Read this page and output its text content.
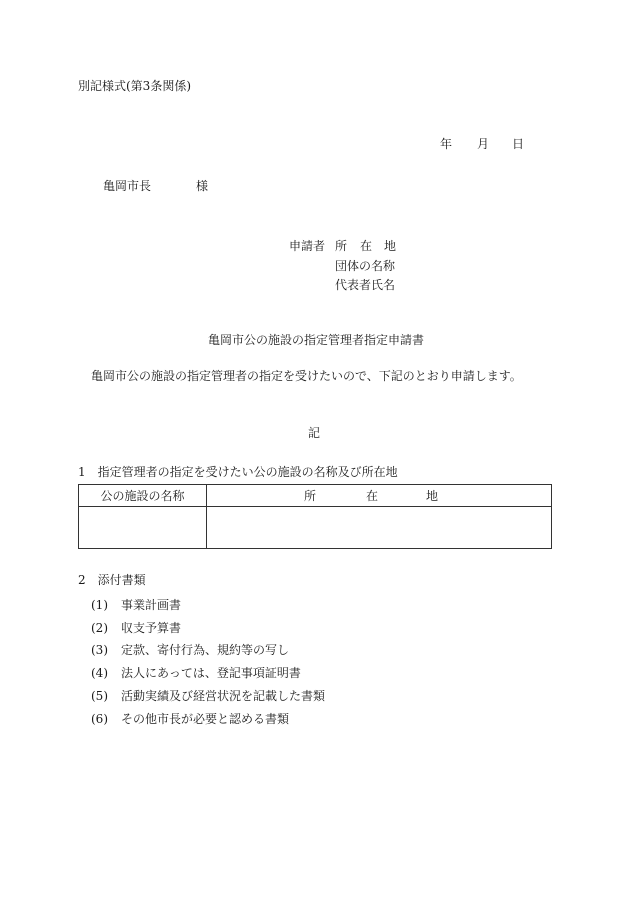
別記様式(第3条関係)
年 月 日
亀岡市長	様
申請者 所 在 地
団体の名称
代表者氏名
亀岡市公の施設の指定管理者指定申請書
亀岡市公の施設の指定管理者の指定を受けたいので、下記のとおり申請します。
記
1　指定管理者の指定を受けたい公の施設の名称及び所在地
公の施設の名称	所 在 地

2　添付書類
(1) 事業計画書
(2) 収支予算書
(3) 定款、寄付行為、規約等の写し
(4) 法人にあっては、登記事項証明書
(5) 活動実績及び経営状況を記載した書類
(6) その他市長が必要と認める書類
